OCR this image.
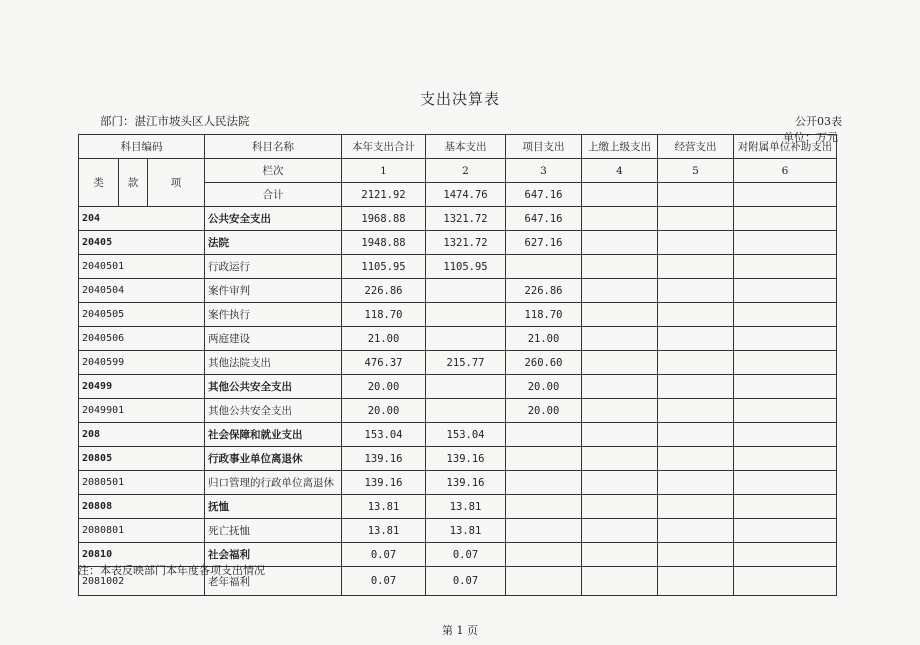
支出决算表
部门：湛江市坡头区人民法院	公开03表
单位：万元
科目编码			科目名称	本年支出合计	基本支出	项目支出	上缴上级支出	经营支出	对附属单位补助支出
类	款	项	栏次	1	2	3	4	5	6
			合计	2121.92	1474.76	647.16			
204			公共安全支出	1968.88	1321.72	647.16			
20405			法院	1948.88	1321.72	627.16			
2040501			行政运行	1105.95	1105.95				
2040504			案件审判	226.86		226.86			
2040505			案件执行	118.70		118.70			
2040506			两庭建设	21.00		21.00			
2040599			其他法院支出	476.37	215.77	260.60			
20499			其他公共安全支出	20.00		20.00			
2049901			其他公共安全支出	20.00		20.00			
208			社会保障和就业支出	153.04	153.04				
20805			行政事业单位离退休	139.16	139.16				
2080501			归口管理的行政单位离退休	139.16	139.16				
20808			抚恤	13.81	13.81				
2080801			死亡抚恤	13.81	13.81				
20810			社会福利	0.07	0.07				
2081002			老年福利	0.07	0.07				
注：本表反映部门本年度各项支出情况
第 1 页
